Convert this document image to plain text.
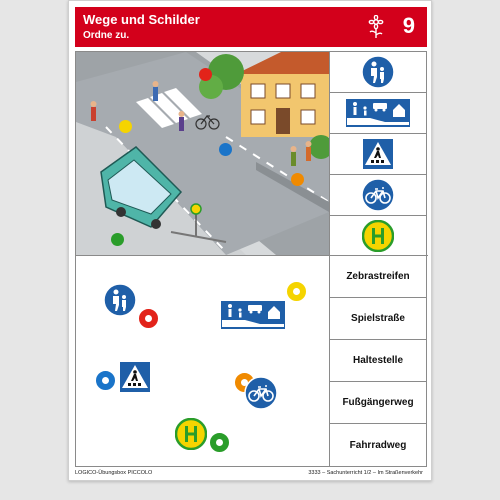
Wege und Schilder
Ordne zu.	9
Zebrastreifen
Spielstraße
Haltestelle
Fußgängerweg
Fahrradweg
LOGICO-Übungsbox PICCOLO	3333 – Sachunterricht 1/2 – Im Straßenverkehr
